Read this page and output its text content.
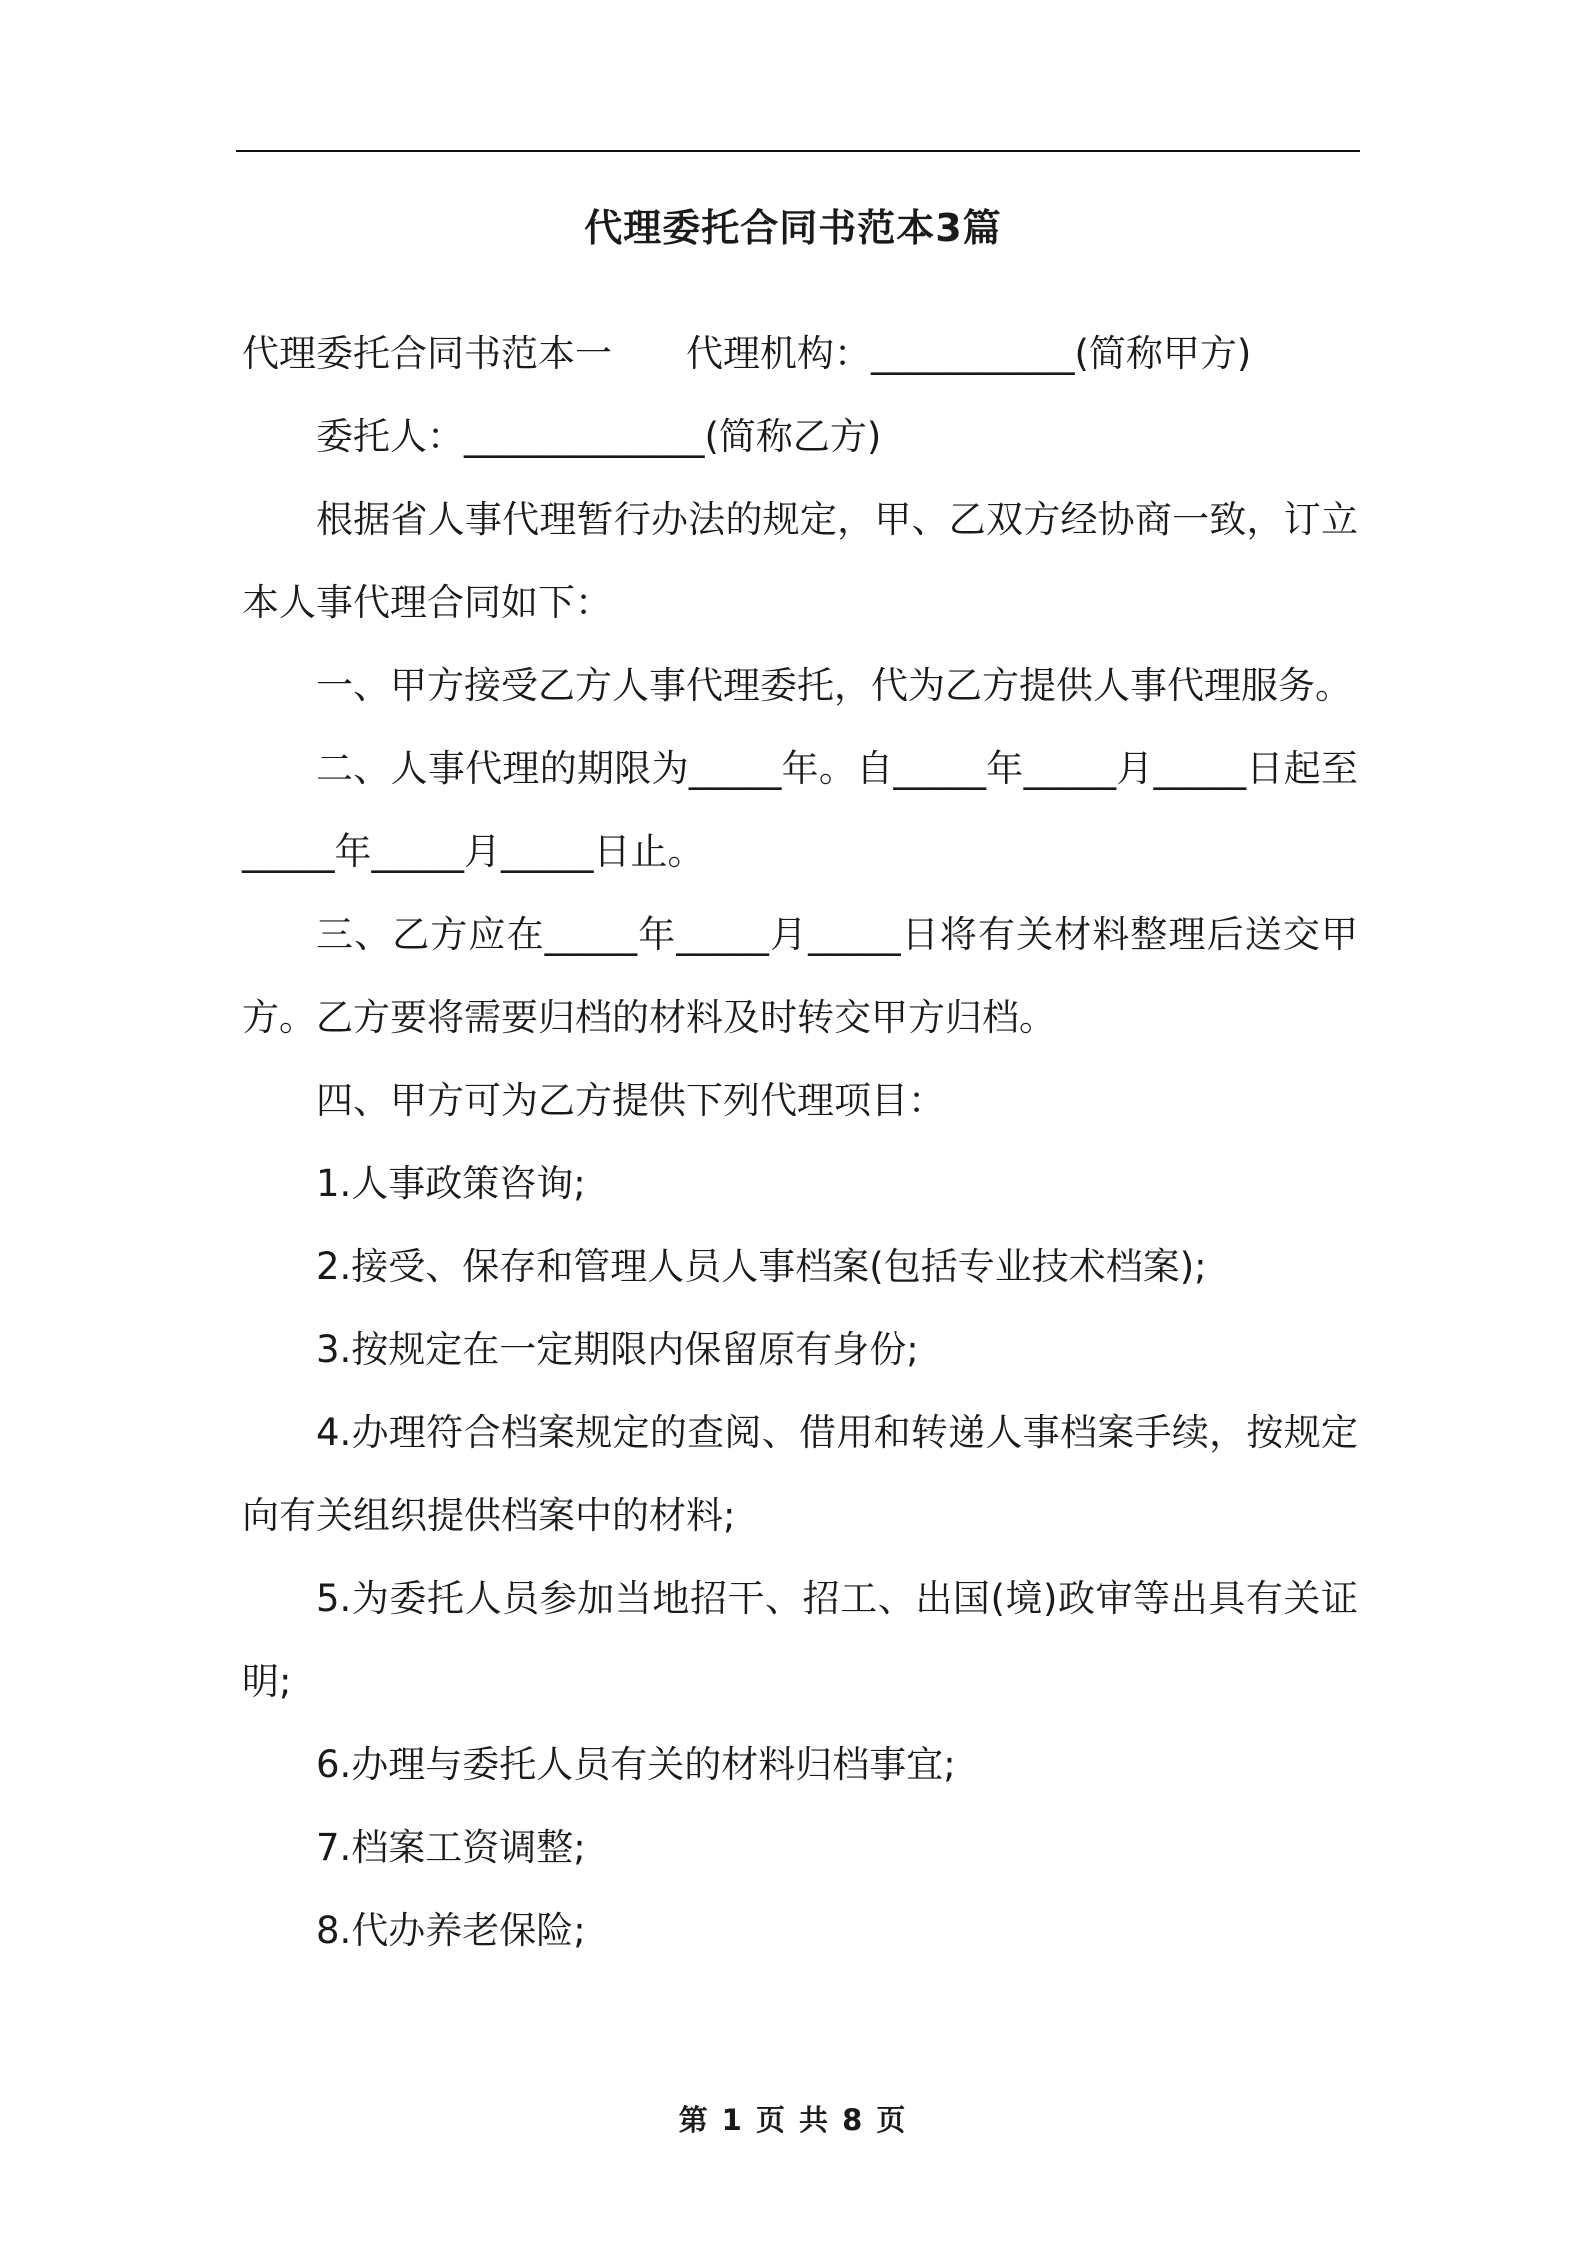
代理委托合同书范本3篇

代理委托合同书范本一 代理机构：___________(简称甲方)

委托人：_____________(简称乙方)

根据省人事代理暂行办法的规定，甲、乙双方经协商一致，订立本人事代理合同如下：

一、甲方接受乙方人事代理委托，代为乙方提供人事代理服务。

二、人事代理的期限为_____年。自_____年_____月_____日起至_____年_____月_____日止。

三、乙方应在_____年_____月_____日将有关材料整理后送交甲方。乙方要将需要归档的材料及时转交甲方归档。

四、甲方可为乙方提供下列代理项目：

1.人事政策咨询;

2.接受、保存和管理人员人事档案(包括专业技术档案);

3.按规定在一定期限内保留原有身份;

4.办理符合档案规定的查阅、借用和转递人事档案手续，按规定向有关组织提供档案中的材料;

5.为委托人员参加当地招干、招工、出国(境)政审等出具有关证明;

6.办理与委托人员有关的材料归档事宜;

7.档案工资调整;

8.代办养老保险;

第 1 页 共 8 页
